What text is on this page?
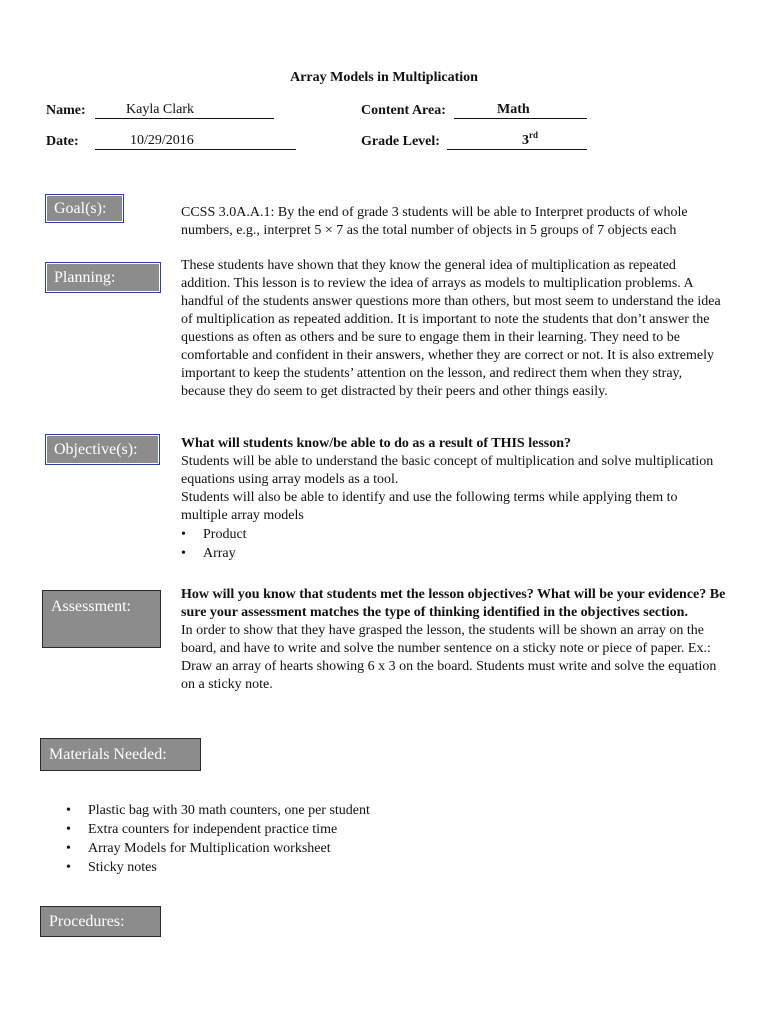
Array Models in Multiplication
Name:	Kayla Clark	Content Area:	Math
Date:	10/29/2016	Grade Level:	3rd
Goal(s):	CCSS 3.0A.A.1: By the end of grade 3 students will be able to Interpret products of whole numbers, e.g., interpret 5 × 7 as the total number of objects in 5 groups of 7 objects each
Planning:
These students have shown that they know the general idea of multiplication as repeated addition. This lesson is to review the idea of arrays as models to multiplication problems. A handful of the students answer questions more than others, but most seem to understand the idea of multiplication as repeated addition. It is important to note the students that don’t answer the questions as often as others and be sure to engage them in their learning. They need to be comfortable and confident in their answers, whether they are correct or not. It is also extremely important to keep the students’ attention on the lesson, and redirect them when they stray, because they do seem to get distracted by their peers and other things easily.
Objective(s):	What will students know/be able to do as a result of THIS lesson?

Students will be able to understand the basic concept of multiplication and solve multiplication equations using array models as a tool.

Students will also be able to identify and use the following terms while applying them to multiple array models

• Product
• Array
Assessment:

How will you know that students met the lesson objectives? What will be your evidence? Be sure your assessment matches the type of thinking identified in the objectives section.

In order to show that they have grasped the lesson, the students will be shown an array on the board, and have to write and solve the number sentence on a sticky note or piece of paper. Ex.: Draw an array of hearts showing 6 x 3 on the board. Students must write and solve the equation on a sticky note.

Materials Needed:
• Plastic bag with 30 math counters, one per student
• Extra counters for independent practice time
• Array Models for Multiplication worksheet
• Sticky notes
Procedures:
